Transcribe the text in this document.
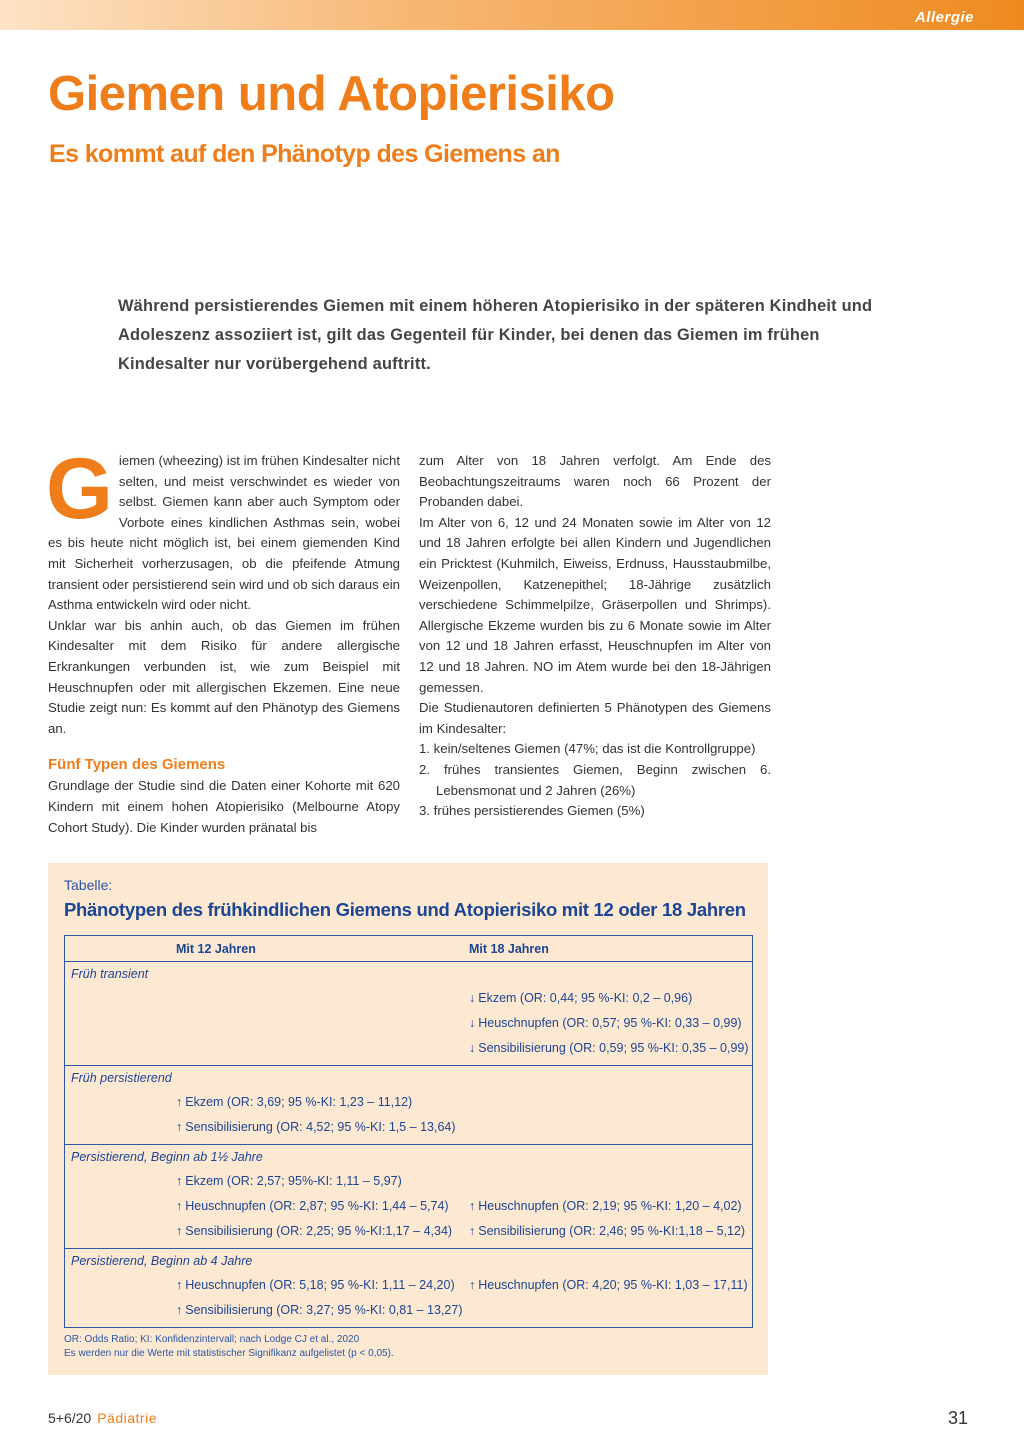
Allergie
Giemen und Atopierisiko
Es kommt auf den Phänotyp des Giemens an

Während persistierendes Giemen mit einem höheren Atopierisiko in der späteren Kindheit und Adoleszenz assoziiert ist, gilt das Gegenteil für Kinder, bei denen das Giemen im frühen Kindesalter nur vorübergehend auftritt.

Giemen (wheezing) ist im frühen Kindesalter nicht selten, und meist verschwindet es wieder von selbst. Giemen kann aber auch Symptom oder Vorbote eines kindlichen Asthmas sein, wobei es bis heute nicht möglich ist, bei einem giemenden Kind mit Sicherheit vorherzusagen, ob die pfeifende Atmung transient oder persistierend sein wird und ob sich daraus ein Asthma entwickeln wird oder nicht.

Unklar war bis anhin auch, ob das Giemen im frühen Kindesalter mit dem Risiko für andere allergische Erkrankungen verbunden ist, wie zum Beispiel mit Heuschnupfen oder mit allergischen Ekzemen. Eine neue Studie zeigt nun: Es kommt auf den Phänotyp des Giemens an.

Fünf Typen des Giemens

Grundlage der Studie sind die Daten einer Kohorte mit 620 Kindern mit einem hohen Atopierisiko (Melbourne Atopy Cohort Study). Die Kinder wurden pränatal bis

zum Alter von 18 Jahren verfolgt. Am Ende des Beobachtungszeitraums waren noch 66 Prozent der Probanden dabei.

Im Alter von 6, 12 und 24 Monaten sowie im Alter von 12 und 18 Jahren erfolgte bei allen Kindern und Jugendlichen ein Pricktest (Kuhmilch, Eiweiss, Erdnuss, Hausstaubmilbe, Weizenpollen, Katzenepithel; 18-Jährige zusätzlich verschiedene Schimmelpilze, Gräserpollen und Shrimps). Allergische Ekzeme wurden bis zu 6 Monate sowie im Alter von 12 und 18 Jahren erfasst, Heuschnupfen im Alter von 12 und 18 Jahren. NO im Atem wurde bei den 18-Jährigen gemessen.

Die Studienautoren definierten 5 Phänotypen des Giemens im Kindesalter:

1. kein/seltenes Giemen (47%; das ist die Kontrollgruppe)
2. frühes transientes Giemen, Beginn zwischen 6. Lebensmonat und 2 Jahren (26%)
3. frühes persistierendes Giemen (5%)
Tabelle:
Phänotypen des frühkindlichen Giemens und Atopierisiko mit 12 oder 18 Jahren
Mit 12 Jahren	Mit 18 Jahren
Früh transient
↓ Ekzem (OR: 0,44; 95 %-KI: 0,2 – 0,96)
↓ Heuschnupfen (OR: 0,57; 95 %-KI: 0,33 – 0,99)
↓ Sensibilisierung (OR: 0,59; 95 %-KI: 0,35 – 0,99)
Früh persistierend
↑ Ekzem (OR: 3,69; 95 %-KI: 1,23 – 11,12)
↑ Sensibilisierung (OR: 4,52; 95 %-KI: 1,5 – 13,64)
Persistierend, Beginn ab 1½ Jahre
↑ Ekzem (OR: 2,57; 95%-KI: 1,11 – 5,97)
↑ Heuschnupfen (OR: 2,87; 95 %-KI: 1,44 – 5,74) ↑ Heuschnupfen (OR: 2,19; 95 %-KI: 1,20 – 4,02)
↑ Sensibilisierung (OR: 2,25; 95 %-KI:1,17 – 4,34) ↑ Sensibilisierung (OR: 2,46; 95 %-KI:1,18 – 5,12)
Persistierend, Beginn ab 4 Jahre
↑ Heuschnupfen (OR: 5,18; 95 %-KI: 1,11 – 24,20) ↑ Heuschnupfen (OR: 4,20; 95 %-KI: 1,03 – 17,11)
↑ Sensibilisierung (OR: 3,27; 95 %-KI: 0,81 – 13,27)
OR: Odds Ratio; KI: Konfidenzintervall; nach Lodge CJ et al., 2020
Es werden nur die Werte mit statistischer Signifikanz aufgelistet (p < 0,05).
5+6/20 Pädiatrie	31
